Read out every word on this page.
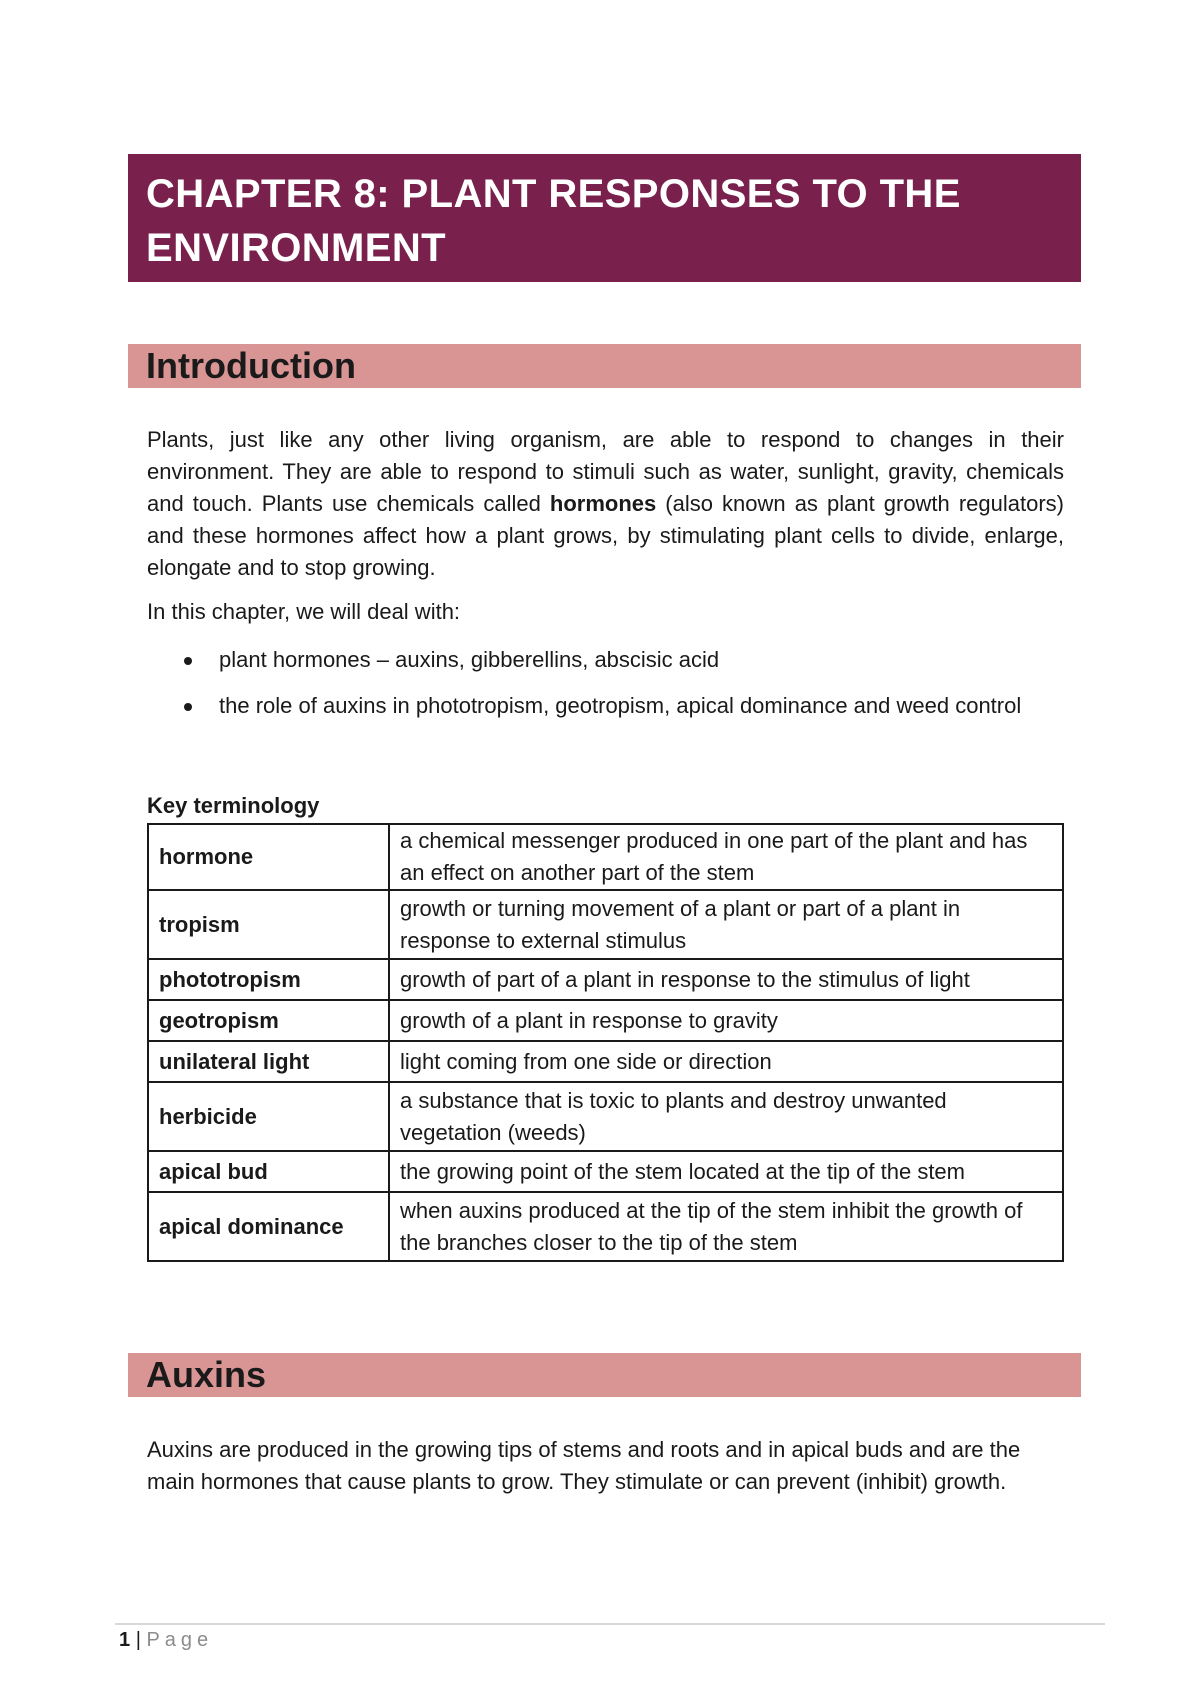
CHAPTER 8: PLANT RESPONSES TO THE ENVIRONMENT
Introduction

Plants, just like any other living organism, are able to respond to changes in their environment. They are able to respond to stimuli such as water, sunlight, gravity, chemicals and touch. Plants use chemicals called hormones (also known as plant growth regulators) and these hormones affect how a plant grows, by stimulating plant cells to divide, enlarge, elongate and to stop growing.

In this chapter, we will deal with:

plant hormones – auxins, gibberellins, abscisic acid
the role of auxins in phototropism, geotropism, apical dominance and weed control

Key terminology

hormone	a chemical messenger produced in one part of the plant and has an effect on another part of the stem
tropism	growth or turning movement of a plant or part of a plant in response to external stimulus
phototropism	growth of part of a plant in response to the stimulus of light
geotropism	growth of a plant in response to gravity
unilateral light	light coming from one side or direction
herbicide	a substance that is toxic to plants and destroy unwanted vegetation (weeds)
apical bud	the growing point of the stem located at the tip of the stem
apical dominance	when auxins produced at the tip of the stem inhibit the growth of the branches closer to the tip of the stem
Auxins

Auxins are produced in the growing tips of stems and roots and in apical buds and are the main hormones that cause plants to grow. They stimulate or can prevent (inhibit) growth.

1 | Page
